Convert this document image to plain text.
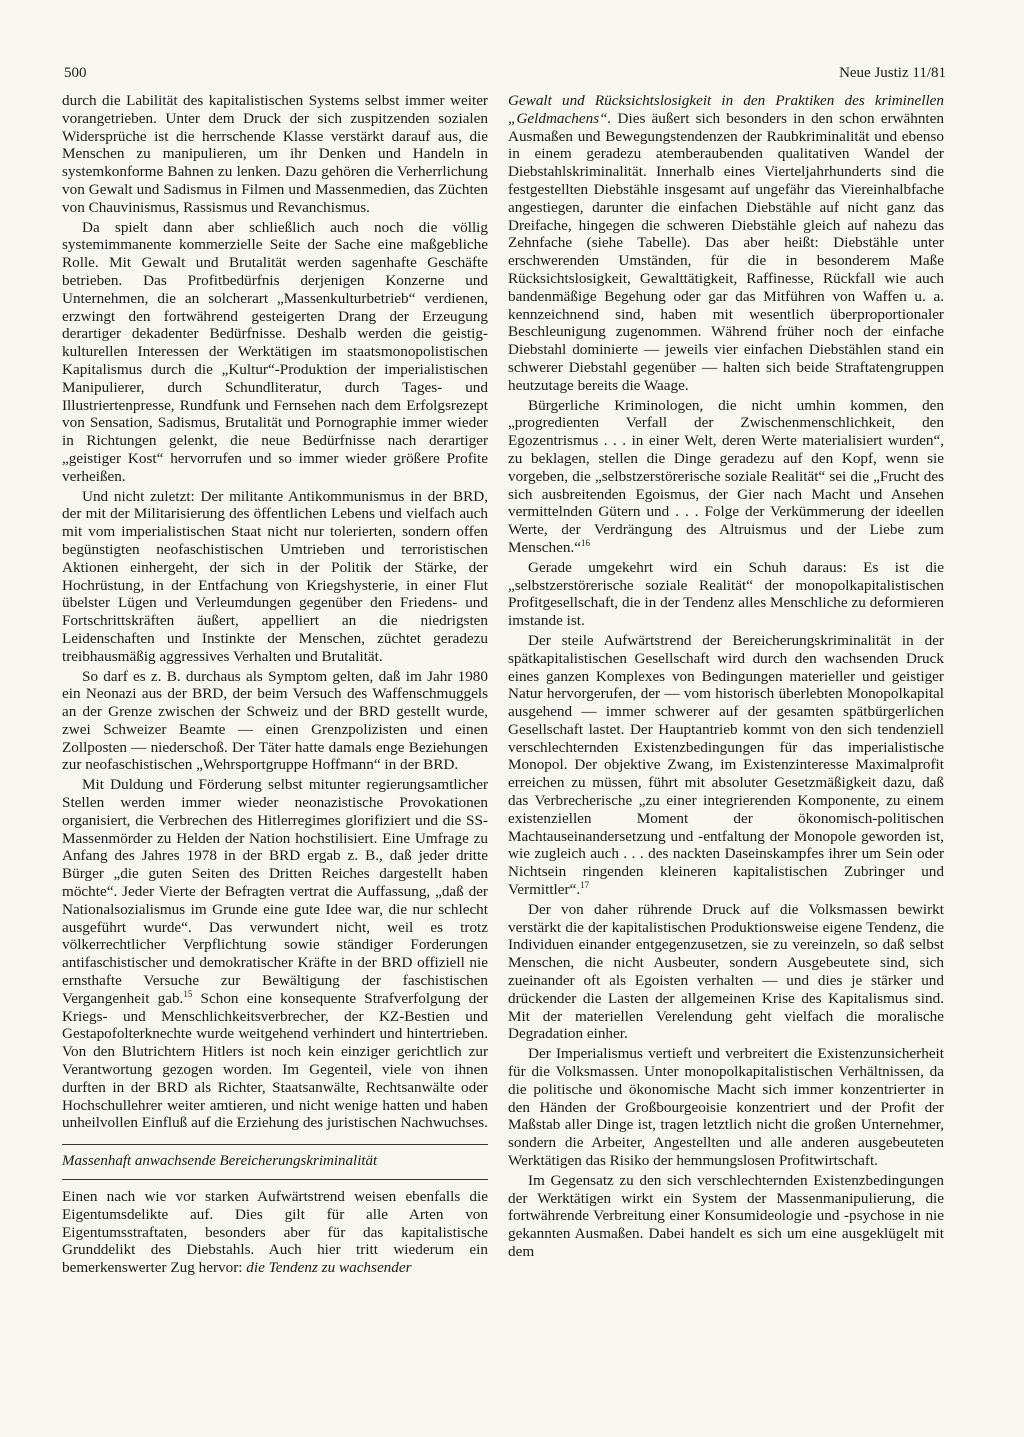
500	Neue Justiz 11/81

durch die Labilität des kapitalistischen Systems selbst immer weiter vorangetrieben. Unter dem Druck der sich zuspitzenden sozialen Widersprüche ist die herrschende Klasse verstärkt darauf aus, die Menschen zu manipulieren, um ihr Denken und Handeln in systemkonforme Bahnen zu lenken. Dazu gehören die Verherrlichung von Gewalt und Sadismus in Filmen und Massenmedien, das Züchten von Chauvinismus, Rassismus und Revanchismus.

Da spielt dann aber schließlich auch noch die völlig systemimmanente kommerzielle Seite der Sache eine maßgebliche Rolle. Mit Gewalt und Brutalität werden sagenhafte Geschäfte betrieben. Das Profitbedürfnis derjenigen Konzerne und Unternehmen, die an solcherart „Massenkulturbetrieb“ verdienen, erzwingt den fortwährend gesteigerten Drang der Erzeugung derartiger dekadenter Bedürfnisse. Deshalb werden die geistig-kulturellen Interessen der Werktätigen im staatsmonopolistischen Kapitalismus durch die „Kultur“-Produktion der imperialistischen Manipulierer, durch Schundliteratur, durch Tages- und Illustriertenpresse, Rundfunk und Fernsehen nach dem Erfolgsrezept von Sensation, Sadismus, Brutalität und Pornographie immer wieder in Richtungen gelenkt, die neue Bedürfnisse nach derartiger „geistiger Kost“ hervorrufen und so immer wieder größere Profite verheißen.

Und nicht zuletzt: Der militante Antikommunismus in der BRD, der mit der Militarisierung des öffentlichen Lebens und vielfach auch mit vom imperialistischen Staat nicht nur tolerierten, sondern offen begünstigten neofaschistischen Umtrieben und terroristischen Aktionen einhergeht, der sich in der Politik der Stärke, der Hochrüstung, in der Entfachung von Kriegshysterie, in einer Flut übelster Lügen und Verleumdungen gegenüber den Friedens- und Fortschrittskräften äußert, appelliert an die niedrigsten Leidenschaften und Instinkte der Menschen, züchtet geradezu treibhausmäßig aggressives Verhalten und Brutalität.

So darf es z. B. durchaus als Symptom gelten, daß im Jahr 1980 ein Neonazi aus der BRD, der beim Versuch des Waffenschmuggels an der Grenze zwischen der Schweiz und der BRD gestellt wurde, zwei Schweizer Beamte — einen Grenzpolizisten und einen Zollposten — niederschoß. Der Täter hatte damals enge Beziehungen zur neofaschistischen „Wehrsportgruppe Hoffmann“ in der BRD.

Mit Duldung und Förderung selbst mitunter regierungsamtlicher Stellen werden immer wieder neonazistische Provokationen organisiert, die Verbrechen des Hitlerregimes glorifiziert und die SS-Massenmörder zu Helden der Nation hochstilisiert. Eine Umfrage zu Anfang des Jahres 1978 in der BRD ergab z. B., daß jeder dritte Bürger „die guten Seiten des Dritten Reiches dargestellt haben möchte“. Jeder Vierte der Befragten vertrat die Auffassung, „daß der Nationalsozialismus im Grunde eine gute Idee war, die nur schlecht ausgeführt wurde“. Das verwundert nicht, weil es trotz völkerrechtlicher Verpflichtung sowie ständiger Forderungen antifaschistischer und demokratischer Kräfte in der BRD offiziell nie ernsthafte Versuche zur Bewältigung der faschistischen Vergangenheit gab.$^{15}$ Schon eine konsequente Strafverfolgung der Kriegs- und Menschlichkeitsverbrecher, der KZ-Bestien und Gestapofolterknechte wurde weitgehend verhindert und hintertrieben. Von den Blutrichtern Hitlers ist noch kein einziger gerichtlich zur Verantwortung gezogen worden. Im Gegenteil, viele von ihnen durften in der BRD als Richter, Staatsanwälte, Rechtsanwälte oder Hochschullehrer weiter amtieren, und nicht wenige hatten und haben unheilvollen Einfluß auf die Erziehung des juristischen Nachwuchses.

Massenhaft anwachsende Bereicherungskriminalität

Einen nach wie vor starken Aufwärtstrend weisen ebenfalls die Eigentumsdelikte auf. Dies gilt für alle Arten von Eigentumsstraftaten, besonders aber für das kapitalistische Grunddelikt des Diebstahls. Auch hier tritt wiederum ein bemerkenswerter Zug hervor: die Tendenz zu wachsender

Gewalt und Rücksichtslosigkeit in den Praktiken des kriminellen „Geldmachens“. Dies äußert sich besonders in den schon erwähnten Ausmaßen und Bewegungstendenzen der Raubkriminalität und ebenso in einem geradezu atemberaubenden qualitativen Wandel der Diebstahlskriminalität. Innerhalb eines Vierteljahrhunderts sind die festgestellten Diebstähle insgesamt auf ungefähr das Viereinhalbfache angestiegen, darunter die einfachen Diebstähle auf nicht ganz das Dreifache, hingegen die schweren Diebstähle gleich auf nahezu das Zehnfache (siehe Tabelle). Das aber heißt: Diebstähle unter erschwerenden Umständen, für die in besonderem Maße Rücksichtslosigkeit, Gewalttätigkeit, Raffinesse, Rückfall wie auch bandenmäßige Begehung oder gar das Mitführen von Waffen u. a. kennzeichnend sind, haben mit wesentlich überproportionaler Beschleunigung zugenommen. Während früher noch der einfache Diebstahl dominierte — jeweils vier einfachen Diebstählen stand ein schwerer Diebstahl gegenüber — halten sich beide Straftatengruppen heutzutage bereits die Waage.

Bürgerliche Kriminologen, die nicht umhin kommen, den „progredienten Verfall der Zwischenmenschlichkeit, den Egozentrismus . . . in einer Welt, deren Werte materialisiert wurden“, zu beklagen, stellen die Dinge geradezu auf den Kopf, wenn sie vorgeben, die „selbstzerstörerische soziale Realität“ sei die „Frucht des sich ausbreitenden Egoismus, der Gier nach Macht und Ansehen vermittelnden Gütern und . . . Folge der Verkümmerung der ideellen Werte, der Verdrängung des Altruismus und der Liebe zum Menschen.“$^{16}$

Gerade umgekehrt wird ein Schuh daraus: Es ist die „selbstzerstörerische soziale Realität“ der monopolkapitalistischen Profitgesellschaft, die in der Tendenz alles Menschliche zu deformieren imstande ist.

Der steile Aufwärtstrend der Bereicherungskriminalität in der spätkapitalistischen Gesellschaft wird durch den wachsenden Druck eines ganzen Komplexes von Bedingungen materieller und geistiger Natur hervorgerufen, der — vom historisch überlebten Monopolkapital ausgehend — immer schwerer auf der gesamten spätbürgerlichen Gesellschaft lastet. Der Hauptantrieb kommt von den sich tendenziell verschlechternden Existenzbedingungen für das imperialistische Monopol. Der objektive Zwang, im Existenzinteresse Maximalprofit erreichen zu müssen, führt mit absoluter Gesetzmäßigkeit dazu, daß das Verbrecherische „zu einer integrierenden Komponente, zu einem existenziellen Moment der ökonomisch-politischen Machtauseinandersetzung und -entfaltung der Monopole geworden ist, wie zugleich auch . . . des nackten Daseinskampfes ihrer um Sein oder Nichtsein ringenden kleineren kapitalistischen Zubringer und Vermittler“.$^{17}$

Der von daher rührende Druck auf die Volksmassen bewirkt verstärkt die der kapitalistischen Produktionsweise eigene Tendenz, die Individuen einander entgegenzusetzen, sie zu vereinzeln, so daß selbst Menschen, die nicht Ausbeuter, sondern Ausgebeutete sind, sich zueinander oft als Egoisten verhalten — und dies je stärker und drückender die Lasten der allgemeinen Krise des Kapitalismus sind. Mit der materiellen Verelendung geht vielfach die moralische Degradation einher.

Der Imperialismus vertieft und verbreitert die Existenzunsicherheit für die Volksmassen. Unter monopolkapitalistischen Verhältnissen, da die politische und ökonomische Macht sich immer konzentrierter in den Händen der Großbourgeoisie konzentriert und der Profit der Maßstab aller Dinge ist, tragen letztlich nicht die großen Unternehmer, sondern die Arbeiter, Angestellten und alle anderen ausgebeuteten Werktätigen das Risiko der hemmungslosen Profitwirtschaft.

Im Gegensatz zu den sich verschlechternden Existenzbedingungen der Werktätigen wirkt ein System der Massenmanipulierung, die fortwährende Verbreitung einer Konsumideologie und -psychose in nie gekannten Ausmaßen. Dabei handelt es sich um eine ausgeklügelt mit dem
